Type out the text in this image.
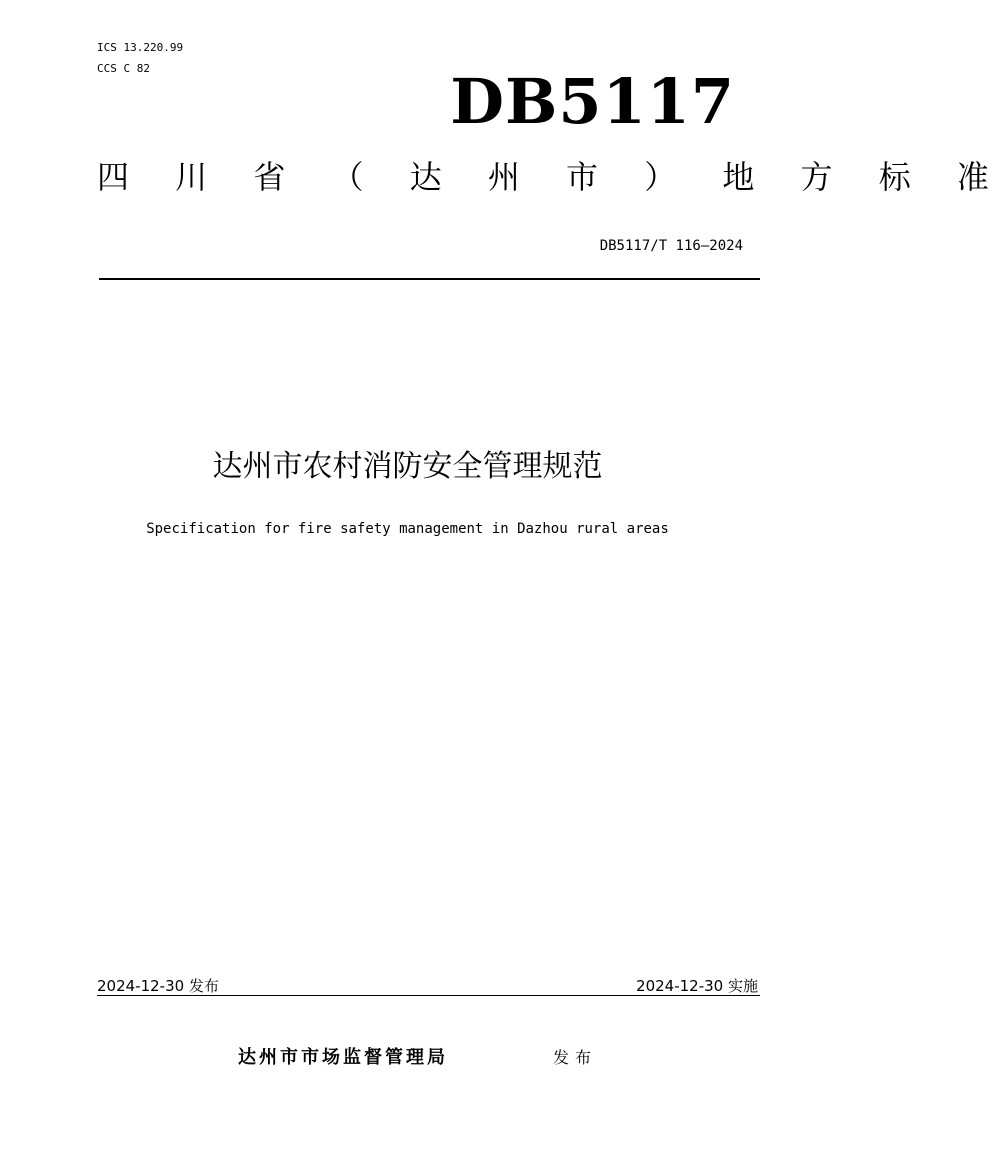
ICS 13.220.99
CCS C 82	DB5117
四 川 省 （ 达 州 市 ） 地 方 标 准
DB5117/T 116—2024
达州市农村消防安全管理规范
Specification for fire safety management in Dazhou rural areas
2024-12-30 发布	2024-12-30 实施
达州市市场监督管理局	发布
